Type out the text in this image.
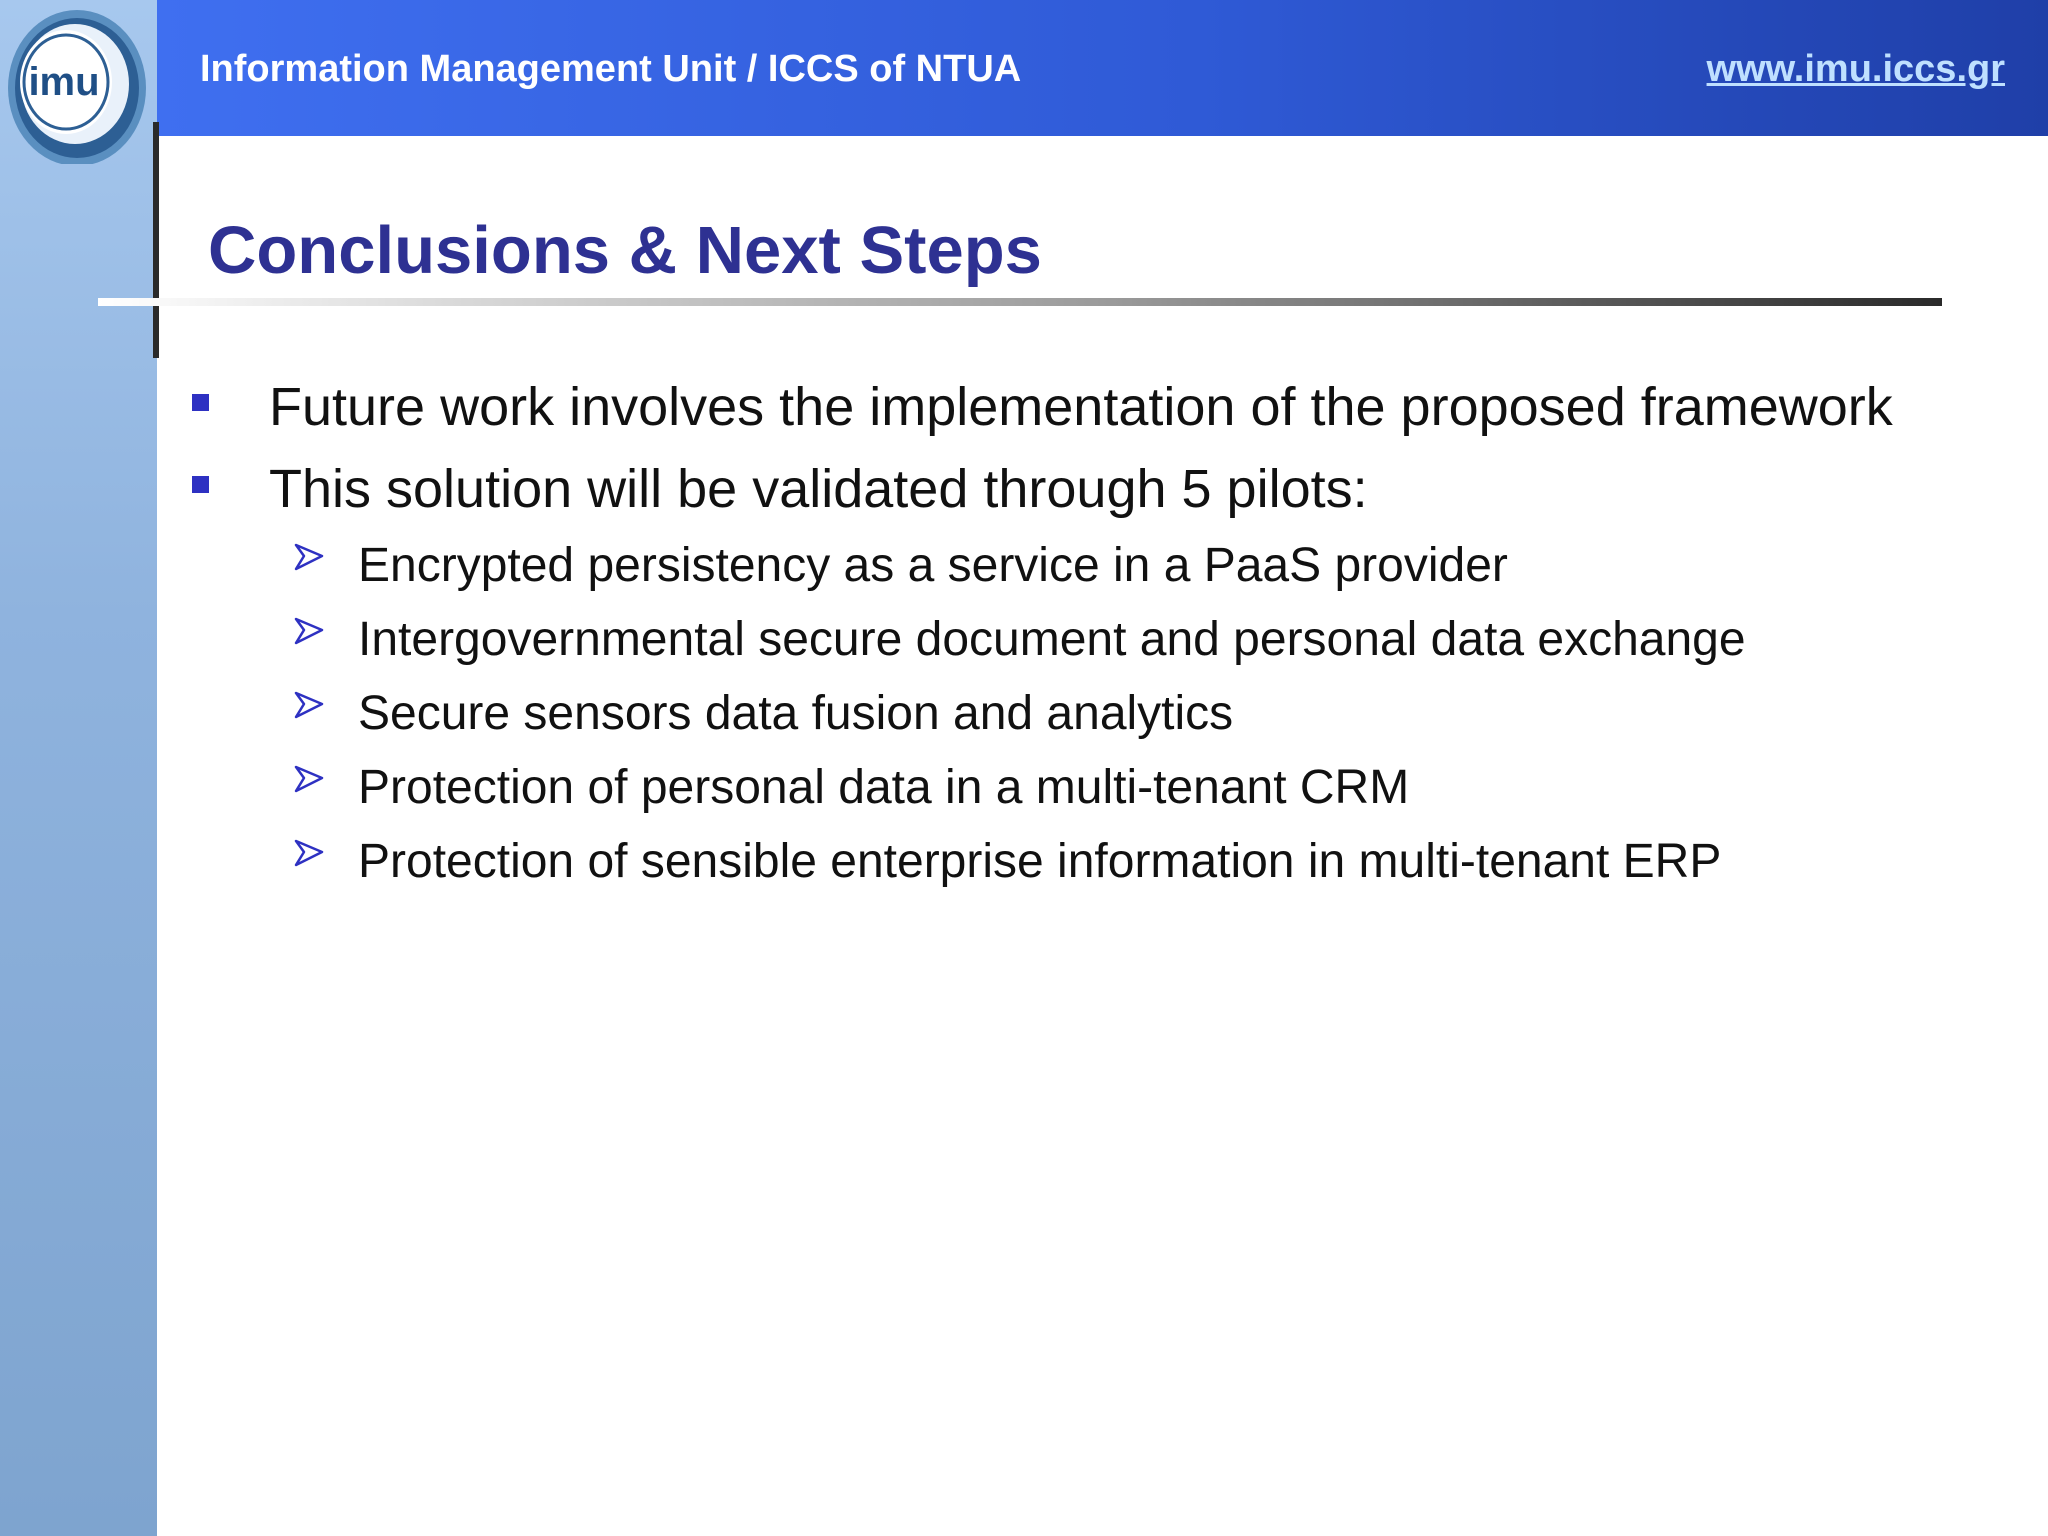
imu	Information Management Unit / ICCS of NTUA	www.imu.iccs.gr
Conclusions & Next Steps
Future work involves the implementation of the proposed framework
This solution will be validated through 5 pilots:
Encrypted persistency as a service in a PaaS provider
Intergovernmental secure document and personal data exchange
Secure sensors data fusion and analytics
Protection of personal data in a multi-tenant CRM
Protection of sensible enterprise information in multi-tenant ERP
